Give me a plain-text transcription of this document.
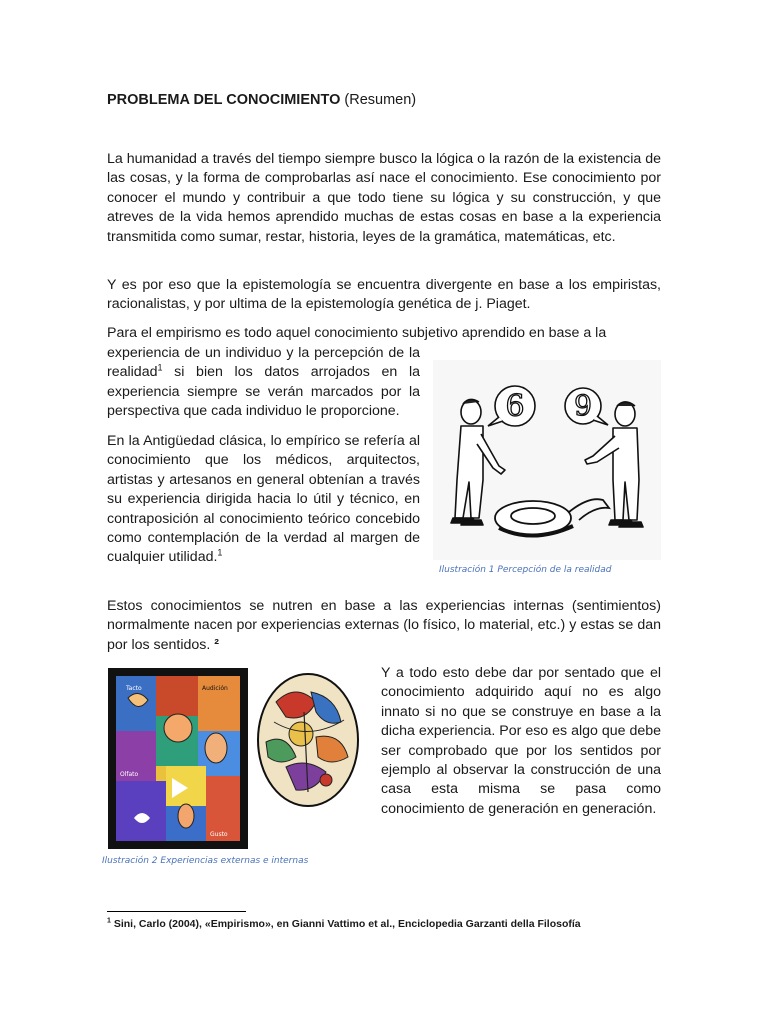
PROBLEMA DEL CONOCIMIENTO (Resumen)
La humanidad a través del tiempo siempre busco la lógica o la razón de la existencia de las cosas, y la forma de comprobarlas así nace el conocimiento. Ese conocimiento por conocer el mundo y contribuir a que todo tiene su lógica y su construcción, y que atreves de la vida hemos aprendido muchas de estas cosas en base a la experiencia transmitida como sumar, restar, historia, leyes de la gramática, matemáticas, etc.
Y es por eso que la epistemología se encuentra divergente en base a los empiristas, racionalistas, y por ultima de la epistemología genética de j. Piaget.
Para el empirismo es todo aquel conocimiento subjetivo aprendido en base a la
experiencia de un individuo y la percepción de la realidad$^1$ si bien los datos arrojados en la experiencia siempre se verán marcados por la perspectiva que cada individuo le proporcione.
En la Antigüedad clásica, lo empírico se refería al conocimiento que los médicos, arquitectos, artistas y artesanos en general obtenían a través su experiencia dirigida hacia lo útil y técnico, en contraposición al conocimiento teórico concebido como contemplación de la verdad al margen de cualquier utilidad.$^1$
6 9
Ilustración 1 Percepción de la realidad
Estos conocimientos se nutren en base a las experiencias internas (sentimientos) normalmente nacen por experiencias externas (lo físico, lo material, etc.) y estas se dan por los sentidos. ²
Tacto	Audición
Olfato
Gusto
Ilustración 2 Experiencias externas e internas
Y a todo esto debe dar por sentado que el conocimiento adquirido aquí no es algo innato si no que se construye en base a la dicha experiencia. Por eso es algo que debe ser comprobado que por los sentidos por ejemplo al observar la construcción de una casa esta misma se pasa como conocimiento de generación en generación.
$^1$ Sini, Carlo (2004), «Empirismo», en Gianni Vattimo et al., Enciclopedia Garzanti della Filosofía
